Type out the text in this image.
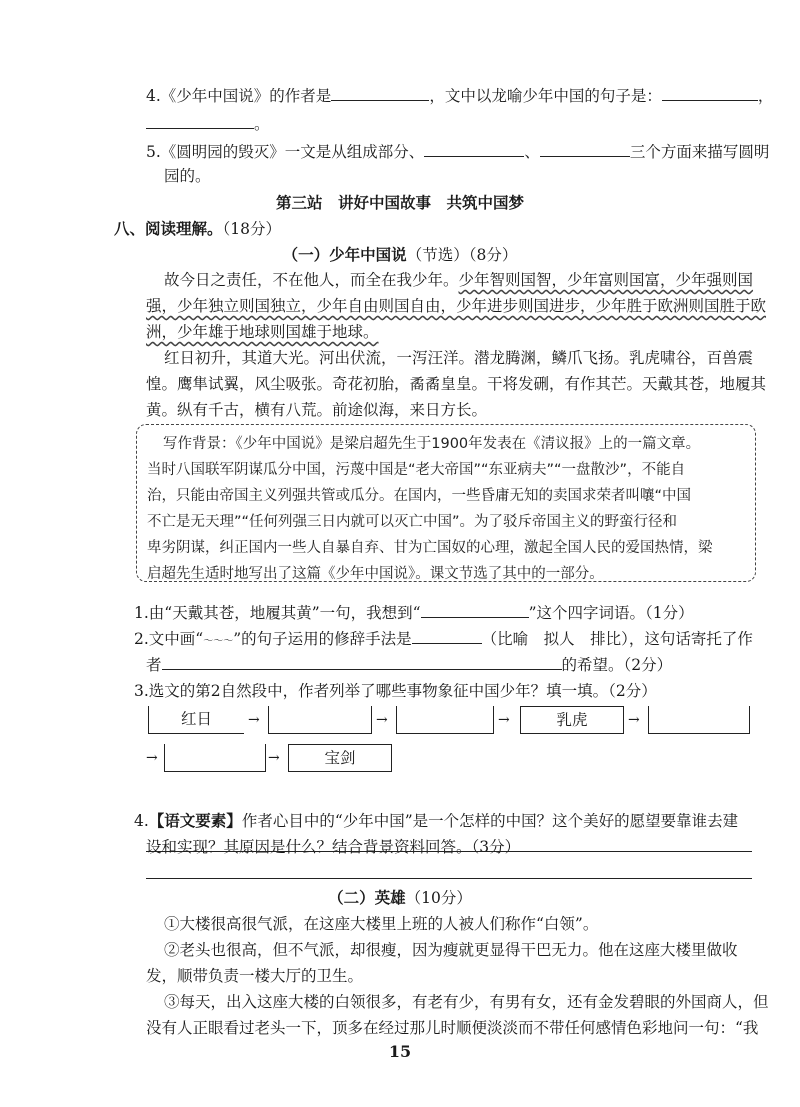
4.《少年中国说》的作者是	，文中以龙喻少年中国的句子是：	，
。
5.《圆明园的毁灭》一文是从组成部分、	、	三个方面来描写圆明
园的。
第三站　讲好中国故事　共筑中国梦
八、阅读理解。（18分）
（一）少年中国说（节选）（8分）
故今日之责任，不在他人，而全在我少年。少年智则国智，少年富则国富，少年强则国
强，少年独立则国独立，少年自由则国自由，少年进步则国进步，少年胜于欧洲则国胜于欧
洲，少年雄于地球则国雄于地球。
红日初升，其道大光。河出伏流，一泻汪洋。潜龙腾渊，鳞爪飞扬。乳虎啸谷，百兽震
惶。鹰隼试翼，风尘吸张。奇花初胎，矞矞皇皇。干将发硎，有作其芒。天戴其苍，地履其
黄。纵有千古，横有八荒。前途似海，来日方长。
写作背景：《少年中国说》是梁启超先生于1900年发表在《清议报》上的一篇文章。
当时八国联军阴谋瓜分中国，污蔑中国是“老大帝国”“东亚病夫”“一盘散沙”，不能自
治，只能由帝国主义列强共管或瓜分。在国内，一些昏庸无知的卖国求荣者叫嚷“中国
不亡是无天理”“任何列强三日内就可以灭亡中国”。为了驳斥帝国主义的野蛮行径和
卑劣阴谋，纠正国内一些人自暴自弃、甘为亡国奴的心理，激起全国人民的爱国热情，梁
启超先生适时地写出了这篇《少年中国说》。课文节选了其中的一部分。
1.由“天戴其苍，地履其黄”一句，我想到“	”这个四字词语。（1分）
2.文中画“～～～”的句子运用的修辞手法是	（比喻　拟人　排比），这句话寄托了作
者	的希望。（2分）
3.选文的第2自然段中，作者列举了哪些事物象征中国少年？填一填。（2分）
红日	→	→	→	乳虎	→
→	→	宝剑
4.【语文要素】作者心目中的“少年中国”是一个怎样的中国？这个美好的愿望要靠谁去建
设和实现？其原因是什么？结合背景资料回答。（3分）
（二）英雄（10分）
①大楼很高很气派，在这座大楼里上班的人被人们称作“白领”。
②老头也很高，但不气派，却很瘦，因为瘦就更显得干巴无力。他在这座大楼里做收
发，顺带负责一楼大厅的卫生。
③每天，出入这座大楼的白领很多，有老有少，有男有女，还有金发碧眼的外国商人，但
没有人正眼看过老头一下，顶多在经过那儿时顺便淡淡而不带任何感情色彩地问一句：“我
15
